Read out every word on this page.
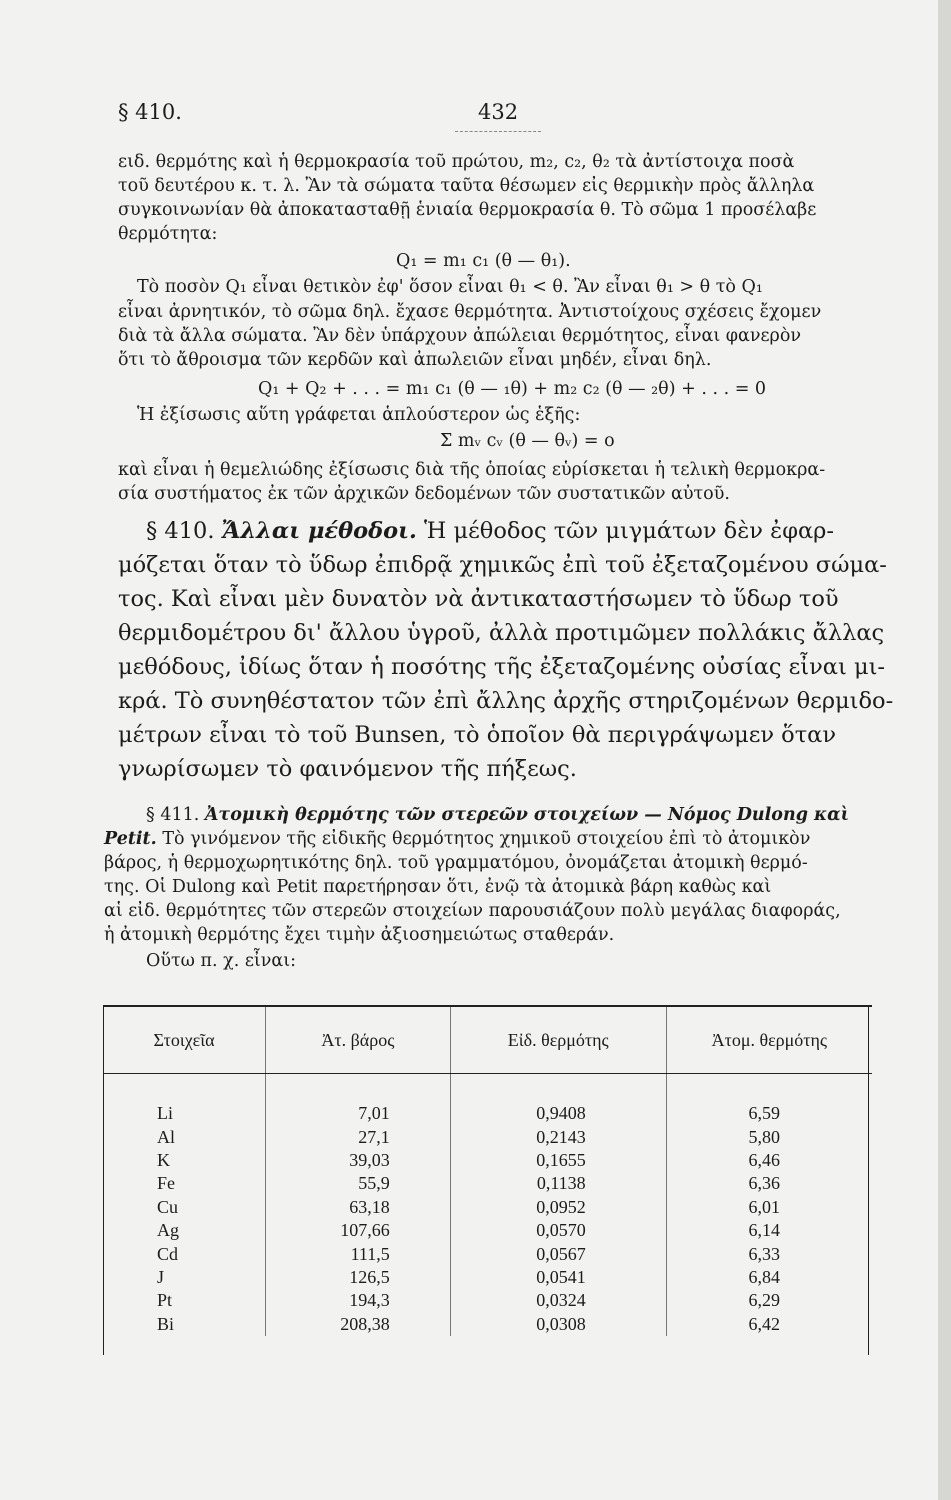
§ 410.	432
ειδ. θερμότης καὶ ἡ θερμοκρασία τοῦ πρώτου, m₂, c₂, θ₂ τὰ ἀντίστοιχα ποσὰ
τοῦ δευτέρου κ. τ. λ. Ἂν τὰ σώματα ταῦτα θέσωμεν εἰς θερμικὴν πρὸς ἄλληλα
συγκοινωνίαν θὰ ἀποκατασταθῇ ἑνιαία θερμοκρασία θ. Τὸ σῶμα 1 προσέλαβε
θερμότητα:
Q₁ = m₁ c₁ (θ — θ₁).
Τὸ ποσὸν Q₁ εἶναι θετικὸν ἐφ' ὅσον εἶναι θ₁ < θ. Ἂν εἶναι θ₁ > θ τὸ Q₁
εἶναι ἀρνητικόν, τὸ σῶμα δηλ. ἔχασε θερμότητα. Ἀντιστοίχους σχέσεις ἔχομεν
διὰ τὰ ἄλλα σώματα. Ἂν δὲν ὑπάρχουν ἀπώλειαι θερμότητος, εἶναι φανερὸν
ὅτι τὸ ἄθροισμα τῶν κερδῶν καὶ ἀπωλειῶν εἶναι μηδέν, εἶναι δηλ.
Q₁ + Q₂ + . . . = m₁ c₁ (θ — ₁θ) + m₂ c₂ (θ — ₂θ) + . . . = 0
Ἡ ἐξίσωσις αὕτη γράφεται ἁπλούστερον ὡς ἑξῆς:
Σ mᵥ cᵥ (θ — θᵥ) = o
καὶ εἶναι ἡ θεμελιώδης ἐξίσωσις διὰ τῆς ὁποίας εὑρίσκεται ἡ τελικὴ θερμοκρα-
σία συστήματος ἐκ τῶν ἀρχικῶν δεδομένων τῶν συστατικῶν αὐτοῦ.
§ 410. Ἄλλαι μέθοδοι. Ἡ μέθοδος τῶν μιγμάτων δὲν ἐφαρ-
μόζεται ὅταν τὸ ὕδωρ ἐπιδρᾷ χημικῶς ἐπὶ τοῦ ἐξεταζομένου σώμα-
τος. Καὶ εἶναι μὲν δυνατὸν νὰ ἀντικαταστήσωμεν τὸ ὕδωρ τοῦ
θερμιδομέτρου δι' ἄλλου ὑγροῦ, ἀλλὰ προτιμῶμεν πολλάκις ἄλλας
μεθόδους, ἰδίως ὅταν ἡ ποσότης τῆς ἐξεταζομένης οὐσίας εἶναι μι-
κρά. Τὸ συνηθέστατον τῶν ἐπὶ ἄλλης ἀρχῆς στηριζομένων θερμιδο-
μέτρων εἶναι τὸ τοῦ Bunsen, τὸ ὁποῖον θὰ περιγράψωμεν ὅταν
γνωρίσωμεν τὸ φαινόμενον τῆς πήξεως.
§ 411. Ἀτομικὴ θερμότης τῶν στερεῶν στοιχείων — Νόμος Dulong καὶ
Petit. Τὸ γινόμενον τῆς εἰδικῆς θερμότητος χημικοῦ στοιχείου ἐπὶ τὸ ἀτομικὸν
βάρος, ἡ θερμοχωρητικότης δηλ. τοῦ γραμματόμου, ὀνομάζεται ἀτομικὴ θερμό-
της. Οἱ Dulong καὶ Petit παρετήρησαν ὅτι, ἐνῷ τὰ ἀτομικὰ βάρη καθὼς καὶ
αἱ εἰδ. θερμότητες τῶν στερεῶν στοιχείων παρουσιάζουν πολὺ μεγάλας διαφοράς,
ἡ ἀτομικὴ θερμότης ἔχει τιμὴν ἀξιοσημειώτως σταθεράν.
Οὕτω π. χ. εἶναι:
Στοιχεῖα	Ἀτ. βάρος	Εἰδ. θερμότης	Ἀτομ. θερμότης
Li	7,01	0,9408	6,59
Al	27,1	0,2143	5,80
K	39,03	0,1655	6,46
Fe	55,9	0,1138	6,36
Cu	63,18	0,0952	6,01
Ag	107,66	0,0570	6,14
Cd	111,5	0,0567	6,33
J	126,5	0,0541	6,84
Pt	194,3	0,0324	6,29
Bi	208,38	0,0308	6,42
